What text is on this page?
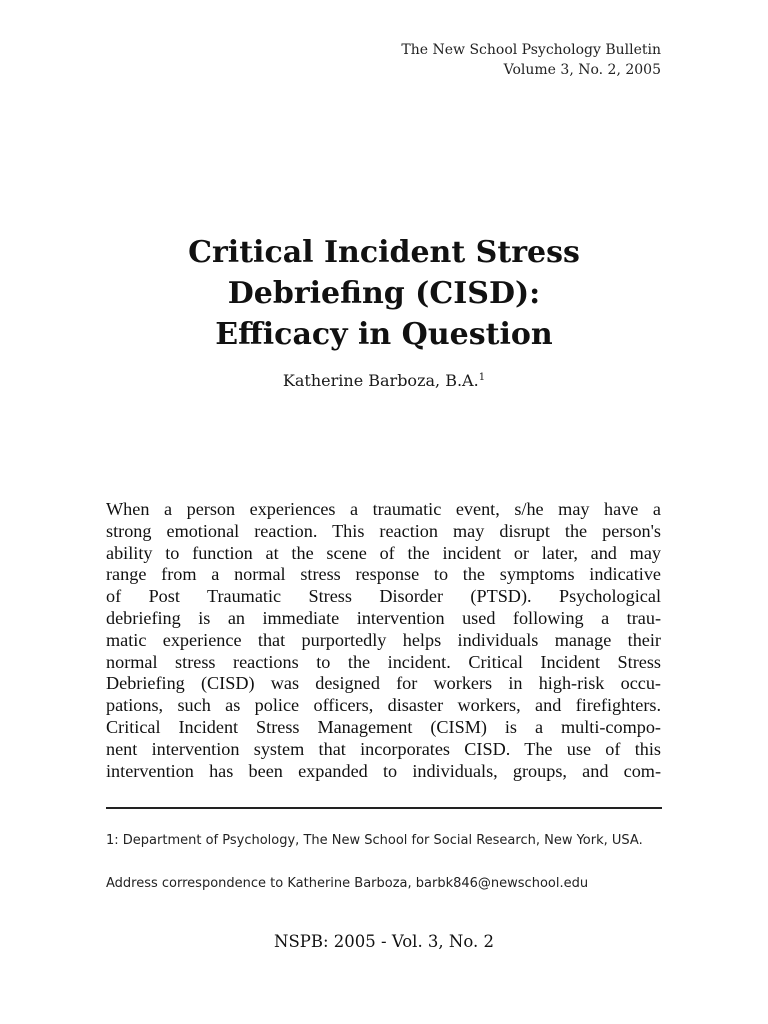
The New School Psychology Bulletin
Volume 3, No. 2, 2005
Critical Incident Stress
Debriefing (CISD):
Efficacy in Question
Katherine Barboza, B.A.$^1$
When a person experiences a traumatic event, s/he may have a
strong emotional reaction. This reaction may disrupt the person's
ability to function at the scene of the incident or later, and may
range from a normal stress response to the symptoms indicative
of Post Traumatic Stress Disorder (PTSD). Psychological
debriefing is an immediate intervention used following a trau-
matic experience that purportedly helps individuals manage their
normal stress reactions to the incident. Critical Incident Stress
Debriefing (CISD) was designed for workers in high-risk occu-
pations, such as police officers, disaster workers, and firefighters.
Critical Incident Stress Management (CISM) is a multi-compo-
nent intervention system that incorporates CISD. The use of this
intervention has been expanded to individuals, groups, and com-
1: Department of Psychology, The New School for Social Research, New York, USA.
Address correspondence to Katherine Barboza, barbk846@newschool.edu
NSPB: 2005 - Vol. 3, No. 2
